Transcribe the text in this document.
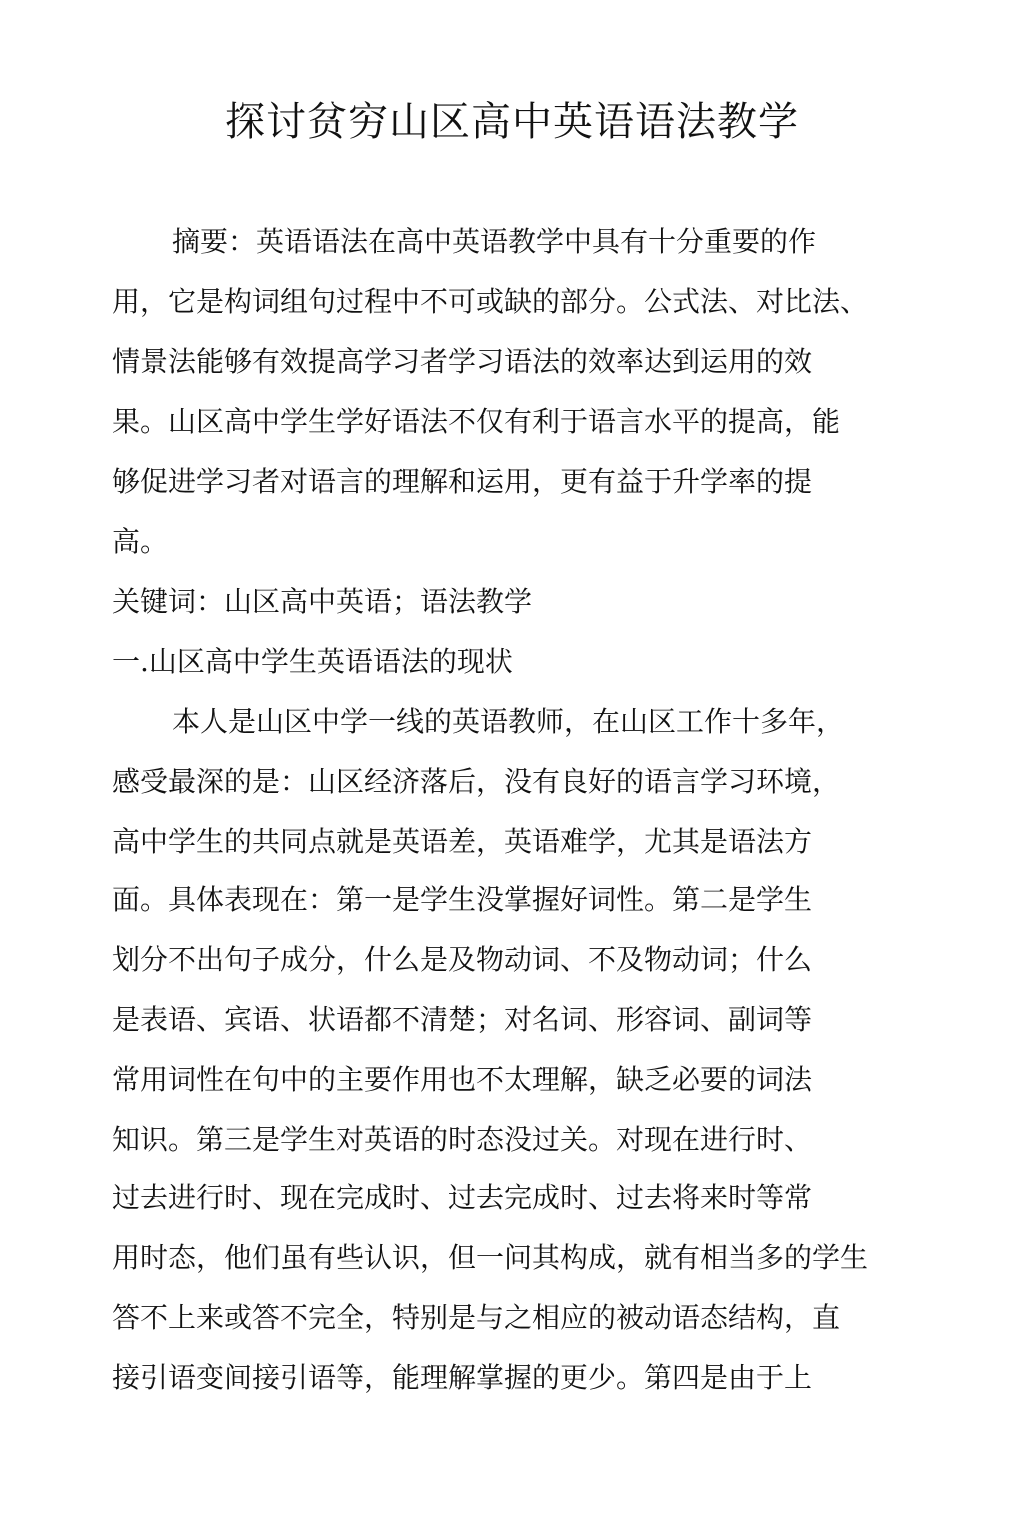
探讨贫穷山区高中英语语法教学
摘要：英语语法在高中英语教学中具有十分重要的作
用，它是构词组句过程中不可或缺的部分。公式法、对比法、
情景法能够有效提高学习者学习语法的效率达到运用的效
果。山区高中学生学好语法不仅有利于语言水平的提高，能
够促进学习者对语言的理解和运用，更有益于升学率的提
高。
关键词：山区高中英语；语法教学
一.山区高中学生英语语法的现状
本人是山区中学一线的英语教师，在山区工作十多年，
感受最深的是：山区经济落后，没有良好的语言学习环境，
高中学生的共同点就是英语差，英语难学，尤其是语法方
面。具体表现在：第一是学生没掌握好词性。第二是学生
划分不出句子成分，什么是及物动词、不及物动词；什么
是表语、宾语、状语都不清楚；对名词、形容词、副词等
常用词性在句中的主要作用也不太理解，缺乏必要的词法
知识。第三是学生对英语的时态没过关。对现在进行时、
过去进行时、现在完成时、过去完成时、过去将来时等常
用时态，他们虽有些认识，但一问其构成，就有相当多的学生
答不上来或答不完全，特别是与之相应的被动语态结构，直
接引语变间接引语等，能理解掌握的更少。第四是由于上
